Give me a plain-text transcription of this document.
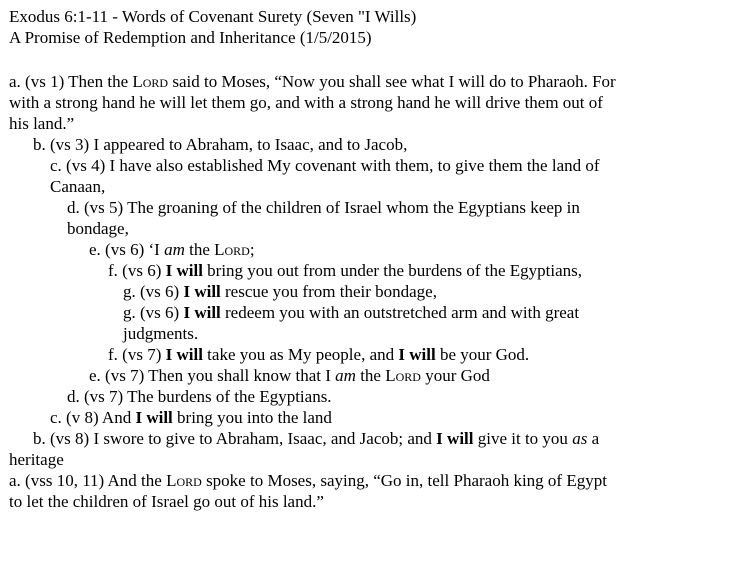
Exodus 6:1-11 - Words of Covenant Surety (Seven "I Wills)
A Promise of Redemption and Inheritance (1/5/2015)
a. (vs 1) Then the Lord said to Moses, “Now you shall see what I will do to Pharaoh. For
with a strong hand he will let them go, and with a strong hand he will drive them out of
his land.”
b. (vs 3) I appeared to Abraham, to Isaac, and to Jacob,
c. (vs 4) I have also established My covenant with them, to give them the land of
Canaan,
d. (vs 5) The groaning of the children of Israel whom the Egyptians keep in
bondage,
e. (vs 6) ‘I am the Lord;
f. (vs 6) I will bring you out from under the burdens of the Egyptians,
g. (vs 6) I will rescue you from their bondage,
g. (vs 6) I will redeem you with an outstretched arm and with great
judgments.
f. (vs 7) I will take you as My people, and I will be your God.
e. (vs 7) Then you shall know that I am the Lord your God
d. (vs 7) The burdens of the Egyptians.
c. (v 8) And I will bring you into the land
b. (vs 8) I swore to give to Abraham, Isaac, and Jacob; and I will give it to you as a
heritage
a. (vss 10, 11) And the Lord spoke to Moses, saying, “Go in, tell Pharaoh king of Egypt
to let the children of Israel go out of his land.”
